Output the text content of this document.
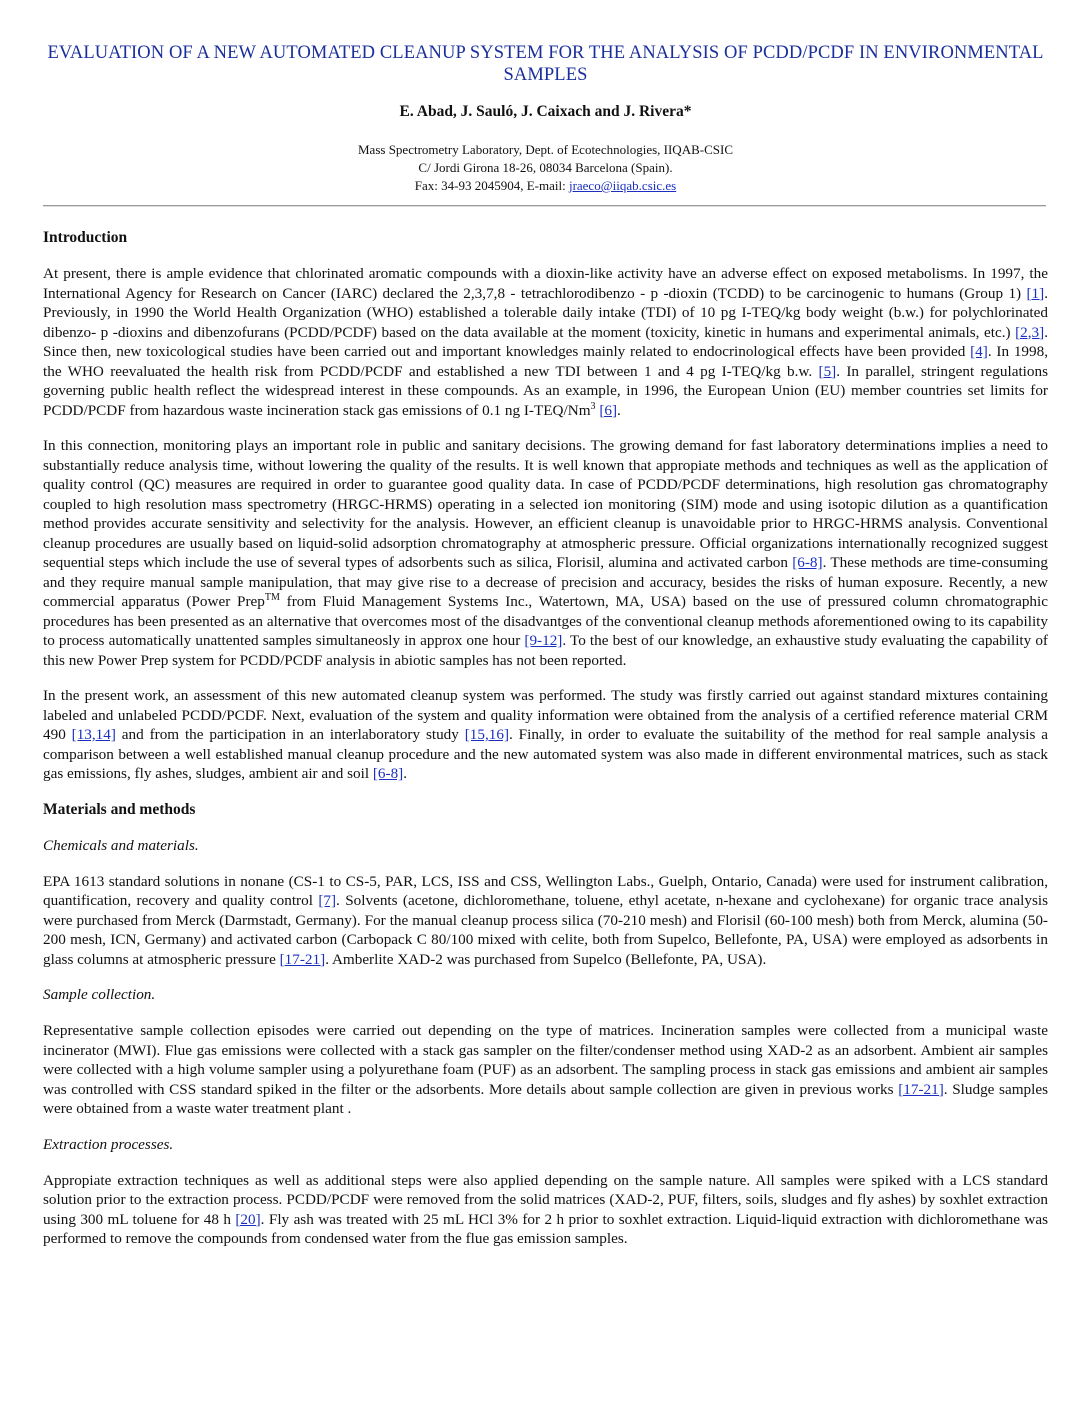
EVALUATION OF A NEW AUTOMATED CLEANUP SYSTEM FOR THE ANALYSIS OF PCDD/PCDF IN ENVIRONMENTAL SAMPLES
E. Abad, J. Sauló, J. Caixach and J. Rivera*
Mass Spectrometry Laboratory, Dept. of Ecotechnologies, IIQAB-CSIC
C/ Jordi Girona 18-26, 08034 Barcelona (Spain).
Fax: 34-93 2045904, E-mail: jraeco@iiqab.csic.es
Introduction

At present, there is ample evidence that chlorinated aromatic compounds with a dioxin-like activity have an adverse effect on exposed metabolisms. In 1997, the International Agency for Research on Cancer (IARC) declared the 2,3,7,8 - tetrachlorodibenzo - p -dioxin (TCDD) to be carcinogenic to humans (Group 1) [1]. Previously, in 1990 the World Health Organization (WHO) established a tolerable daily intake (TDI) of 10 pg I-TEQ/kg body weight (b.w.) for polychlorinated dibenzo- p -dioxins and dibenzofurans (PCDD/PCDF) based on the data available at the moment (toxicity, kinetic in humans and experimental animals, etc.) [2,3]. Since then, new toxicological studies have been carried out and important knowledges mainly related to endocrinological effects have been provided [4]. In 1998, the WHO reevaluated the health risk from PCDD/PCDF and established a new TDI between 1 and 4 pg I-TEQ/kg b.w. [5]. In parallel, stringent regulations governing public health reflect the widespread interest in these compounds. As an example, in 1996, the European Union (EU) member countries set limits for PCDD/PCDF from hazardous waste incineration stack gas emissions of 0.1 ng I-TEQ/Nm$^3$ [6].

In this connection, monitoring plays an important role in public and sanitary decisions. The growing demand for fast laboratory determinations implies a need to substantially reduce analysis time, without lowering the quality of the results. It is well known that appropiate methods and techniques as well as the application of quality control (QC) measures are required in order to guarantee good quality data. In case of PCDD/PCDF determinations, high resolution gas chromatography coupled to high resolution mass spectrometry (HRGC-HRMS) operating in a selected ion monitoring (SIM) mode and using isotopic dilution as a quantification method provides accurate sensitivity and selectivity for the analysis. However, an efficient cleanup is unavoidable prior to HRGC-HRMS analysis. Conventional cleanup procedures are usually based on liquid-solid adsorption chromatography at atmospheric pressure. Official organizations internationally recognized suggest sequential steps which include the use of several types of adsorbents such as silica, Florisil, alumina and activated carbon [6-8]. These methods are time-consuming and they require manual sample manipulation, that may give rise to a decrease of precision and accuracy, besides the risks of human exposure. Recently, a new commercial apparatus (Power Prep™ from Fluid Management Systems Inc., Watertown, MA, USA) based on the use of pressured column chromatographic procedures has been presented as an alternative that overcomes most of the disadvantges of the conventional cleanup methods aforementioned owing to its capability to process automatically unattented samples simultaneosly in approx one hour [9-12]. To the best of our knowledge, an exhaustive study evaluating the capability of this new Power Prep system for PCDD/PCDF analysis in abiotic samples has not been reported.

In the present work, an assessment of this new automated cleanup system was performed. The study was firstly carried out against standard mixtures containing labeled and unlabeled PCDD/PCDF. Next, evaluation of the system and quality information were obtained from the analysis of a certified reference material CRM 490 [13,14] and from the participation in an interlaboratory study [15,16]. Finally, in order to evaluate the suitability of the method for real sample analysis a comparison between a well established manual cleanup procedure and the new automated system was also made in different environmental matrices, such as stack gas emissions, fly ashes, sludges, ambient air and soil [6-8].

Materials and methods
Chemicals and materials.

EPA 1613 standard solutions in nonane (CS-1 to CS-5, PAR, LCS, ISS and CSS, Wellington Labs., Guelph, Ontario, Canada) were used for instrument calibration, quantification, recovery and quality control [7]. Solvents (acetone, dichloromethane, toluene, ethyl acetate, n-hexane and cyclohexane) for organic trace analysis were purchased from Merck (Darmstadt, Germany). For the manual cleanup process silica (70-210 mesh) and Florisil (60-100 mesh) both from Merck, alumina (50-200 mesh, ICN, Germany) and activated carbon (Carbopack C 80/100 mixed with celite, both from Supelco, Bellefonte, PA, USA) were employed as adsorbents in glass columns at atmospheric pressure [17-21]. Amberlite XAD-2 was purchased from Supelco (Bellefonte, PA, USA).

Sample collection.

Representative sample collection episodes were carried out depending on the type of matrices. Incineration samples were collected from a municipal waste incinerator (MWI). Flue gas emissions were collected with a stack gas sampler on the filter/condenser method using XAD-2 as an adsorbent. Ambient air samples were collected with a high volume sampler using a polyurethane foam (PUF) as an adsorbent. The sampling process in stack gas emissions and ambient air samples was controlled with CSS standard spiked in the filter or the adsorbents. More details about sample collection are given in previous works [17-21]. Sludge samples were obtained from a waste water treatment plant .

Extraction processes.

Appropiate extraction techniques as well as additional steps were also applied depending on the sample nature. All samples were spiked with a LCS standard solution prior to the extraction process. PCDD/PCDF were removed from the solid matrices (XAD-2, PUF, filters, soils, sludges and fly ashes) by soxhlet extraction using 300 mL toluene for 48 h [20]. Fly ash was treated with 25 mL HCl 3% for 2 h prior to soxhlet extraction. Liquid-liquid extraction with dichloromethane was performed to remove the compounds from condensed water from the flue gas emission samples.
